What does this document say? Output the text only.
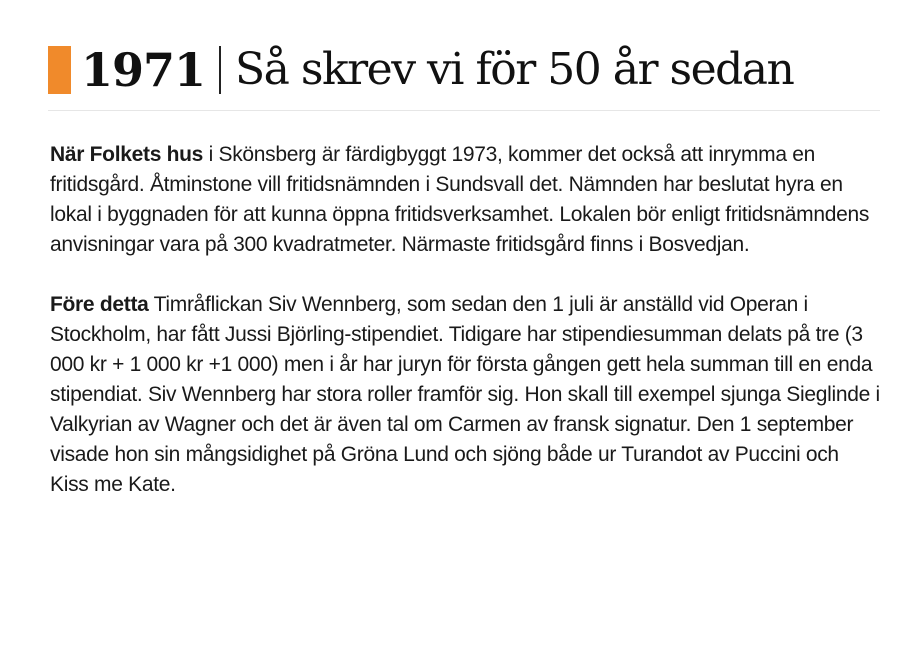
1971 Så skrev vi för 50 år sedan

När Folkets hus i Skönsberg är färdigbyggt 1973, kommer det också att inrymma en fritidsgård. Åtminstone vill fritidsnämnden i Sundsvall det. Nämnden har beslutat hyra en lokal i byggnaden för att kunna öppna fritidsverksamhet. Lokalen bör enligt fritidsnämndens anvisningar vara på 300 kvadratmeter. Närmaste fritidsgård finns i Bosvedjan.

Före detta Timråflickan Siv Wennberg, som sedan den 1 juli är anställd vid Operan i Stockholm, har fått Jussi Björling-stipendiet. Tidigare har stipendiesumman delats på tre (3 000 kr + 1 000 kr +1 000) men i år har juryn för första gången gett hela summan till en enda stipendiat. Siv Wennberg har stora roller framför sig. Hon skall till exempel sjunga Sieglinde i Valkyrian av Wagner och det är även tal om Carmen av fransk signatur. Den 1 september visade hon sin mångsidighet på Gröna Lund och sjöng både ur Turandot av Puccini och Kiss me Kate.
